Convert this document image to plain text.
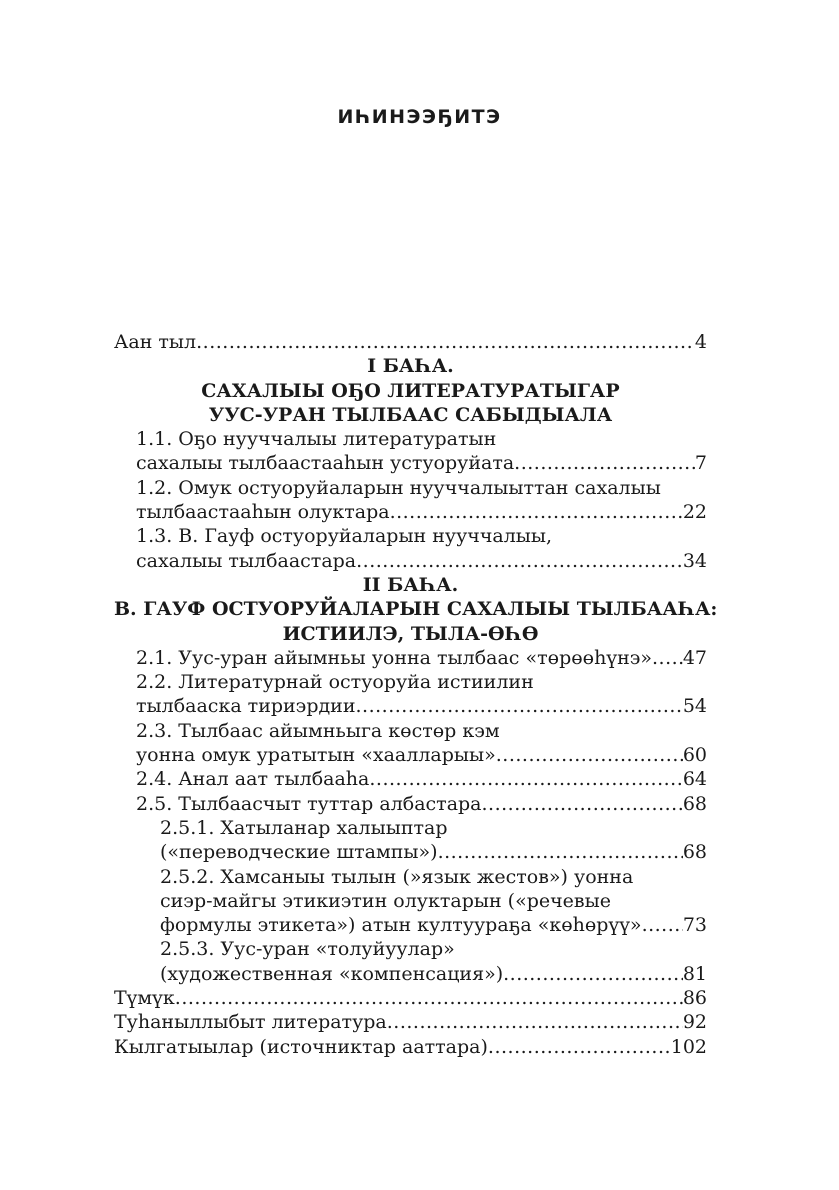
ИҺИНЭЭҔИТЭ
Аан тыл .....	4
I БАҺА.
САХАЛЫЫ ОҔО ЛИТЕРАТУРАТЫГАР
УУС-УРАН ТЫЛБААС САБЫДЫАЛА
1.1. Оҕо нууччалыы литературатын
сахалыы тылбаастааһын устуоруйата .....	7
1.2. Омук остуоруйаларын нууччалыыттан сахалыы
тылбаастааһын олуктара .....	22
1.3. В. Гауф остуоруйаларын нууччалыы,
сахалыы тылбаастара .....	34
II БАҺА.
В. ГАУФ ОСТУОРУЙАЛАРЫН САХАЛЫЫ ТЫЛБААҺА:
ИСТИИЛЭ, ТЫЛА-ӨҺӨ
2.1. Уус-уран айымньы уонна тылбаас «төрөөһүнэ» ..... 47
2.2. Литературнай остуоруйа истиилин
тылбааска тириэрдии .....	54
2.3. Тылбаас айымньыга көстөр кэм
уонна омук уратытын «хаалларыы» .....	60
2.4. Анал аат тылбааһа .....	64
2.5. Тылбаасчыт туттар албастара .....	68
2.5.1. Хатыланар халыыптар
(«переводческие штампы») .....	68
2.5.2. Хамсаныы тылын (»язык жестов») уонна
сиэр-майгы этикиэтин олуктарын («речевые
формулы этикета») атын култуураҕа «көһөрүү» ..... 73
2.5.3. Уус-уран «толуйуулар»
(художественная «компенсация») .....	81
Түмүк .....	86
Туһаныллыбыт литература .....	92
Кылгатыылар (источниктар ааттара) .....	102
